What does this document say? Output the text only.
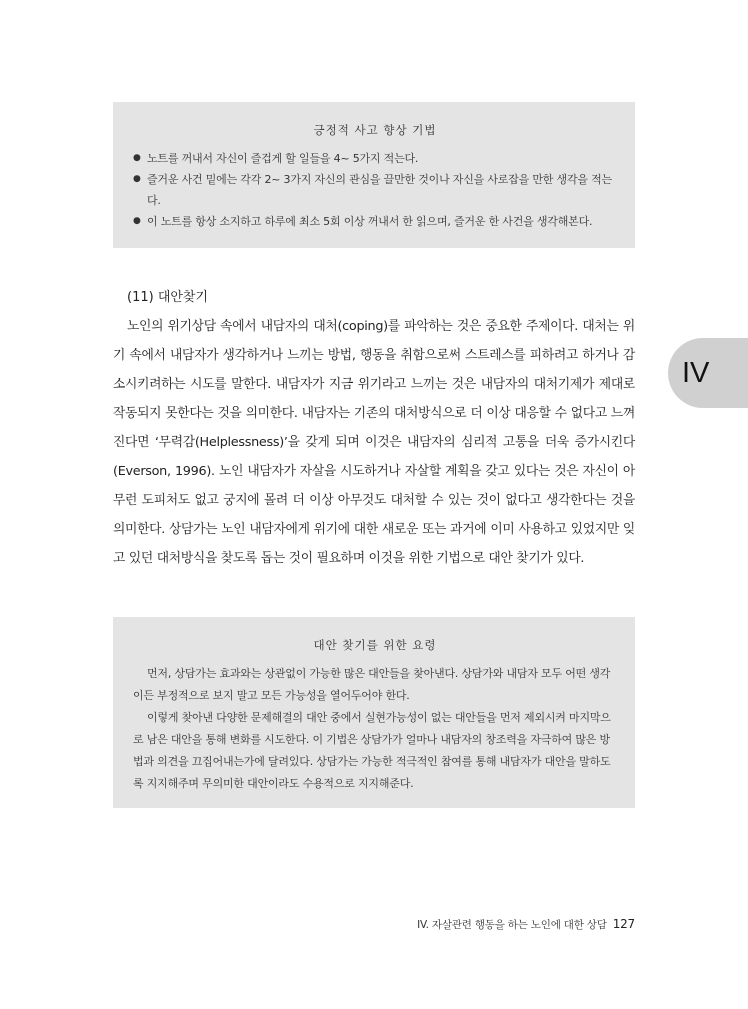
긍정적 사고 향상 기법
● 노트를 꺼내서 자신이 즐겁게 할 일들을 4~ 5가지 적는다.
● 즐거운 사건 밑에는 각각 2~ 3가지 자신의 관심을 끌만한 것이나 자신을 사로잡을 만한 생각을 적는다.
● 이 노트를 항상 소지하고 하루에 최소 5회 이상 꺼내서 한 읽으며, 즐거운 한 사건을 생각해본다.
(11) 대안찾기

노인의 위기상담 속에서 내담자의 대처(coping)를 파악하는 것은 중요한 주제이다. 대처는 위기 속에서 내담자가 생각하거나 느끼는 방법, 행동을 취함으로써 스트레스를 피하려고 하거나 감소시키려하는 시도를 말한다. 내담자가 지금 위기라고 느끼는 것은 내담자의 대처기제가 제대로 작동되지 못한다는 것을 의미한다. 내담자는 기존의 대처방식으로 더 이상 대응할 수 없다고 느껴진다면 ‘무력감(Helplessness)’을 갖게 되며 이것은 내담자의 심리적 고통을 더욱 증가시킨다(Everson, 1996). 노인 내담자가 자살을 시도하거나 자살할 계획을 갖고 있다는 것은 자신이 아무런 도피처도 없고 궁지에 몰려 더 이상 아무것도 대처할 수 있는 것이 없다고 생각한다는 것을 의미한다. 상담가는 노인 내담자에게 위기에 대한 새로운 또는 과거에 이미 사용하고 있었지만 잊고 있던 대처방식을 찾도록 돕는 것이 필요하며 이것을 위한 기법으로 대안 찾기가 있다.

IV
대안 찾기를 위한 요령

먼저, 상담가는 효과와는 상관없이 가능한 많은 대안들을 찾아낸다. 상담가와 내담자 모두 어떤 생각이든 부정적으로 보지 말고 모든 가능성을 열어두어야 한다.

이렇게 찾아낸 다양한 문제해결의 대안 중에서 실현가능성이 없는 대안들을 먼저 제외시켜 마지막으로 남은 대안을 통해 변화를 시도한다. 이 기법은 상담가가 얼마나 내담자의 창조력을 자극하여 많은 방법과 의견을 끄집어내는가에 달려있다. 상담가는 가능한 적극적인 참여를 통해 내담자가 대안을 말하도록 지지해주며 무의미한 대안이라도 수용적으로 지지해준다.

IV. 자살관련 행동을 하는 노인에 대한 상담 127
